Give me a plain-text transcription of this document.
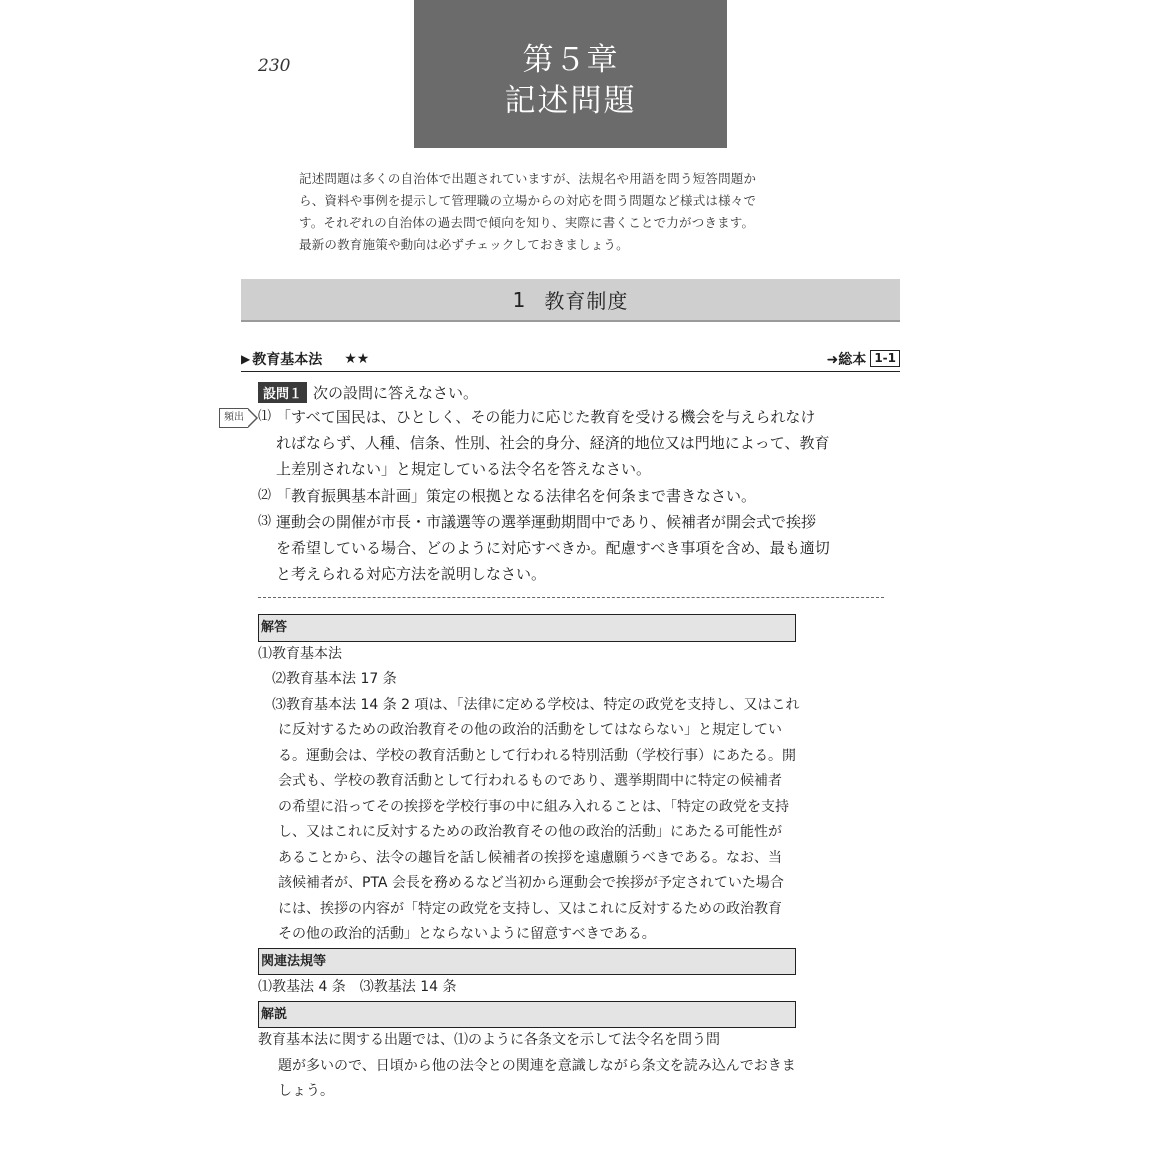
230	第５章
記述問題
記述問題は多くの自治体で出題されていますが、法規名や用語を問う短答問題か
ら、資料や事例を提示して管理職の立場からの対応を問う問題など様式は様々で
す。それぞれの自治体の過去問で傾向を知り、実際に書くことで力がつきます。
最新の教育施策や動向は必ずチェックしておきましょう。
1 教育制度
▶ 教育基本法 ★★	➜総本 1-1
設問１ 次の設問に答えなさい。
頻出	⑴ 「すべて国民は、ひとしく、その能力に応じた教育を受ける機会を与えられなけ
ればならず、人種、信条、性別、社会的身分、経済的地位又は門地によって、教育
上差別されない」と規定している法令名を答えなさい。
⑵ 「教育振興基本計画」策定の根拠となる法律名を何条まで書きなさい。
⑶ 運動会の開催が市長・市議選等の選挙運動期間中であり、候補者が開会式で挨拶
を希望している場合、どのように対応すべきか。配慮すべき事項を含め、最も適切
と考えられる対応方法を説明しなさい。
解答
⑴教育基本法
⑵教育基本法 17 条
⑶教育基本法 14 条 2 項は、「法律に定める学校は、特定の政党を支持し、又はこれ
に反対するための政治教育その他の政治的活動をしてはならない」と規定してい
る。運動会は、学校の教育活動として行われる特別活動（学校行事）にあたる。開
会式も、学校の教育活動として行われるものであり、選挙期間中に特定の候補者
の希望に沿ってその挨拶を学校行事の中に組み入れることは、「特定の政党を支持
し、又はこれに反対するための政治教育その他の政治的活動」にあたる可能性が
あることから、法令の趣旨を話し候補者の挨拶を遠慮願うべきである。なお、当
該候補者が、PTA 会長を務めるなど当初から運動会で挨拶が予定されていた場合
には、挨拶の内容が「特定の政党を支持し、又はこれに反対するための政治教育
その他の政治的活動」とならないように留意すべきである。
関連法規等
⑴教基法 4 条　⑶教基法 14 条
解説
教育基本法に関する出題では、⑴のように各条文を示して法令名を問う問
題が多いので、日頃から他の法令との関連を意識しながら条文を読み込んでおきま
しょう。
